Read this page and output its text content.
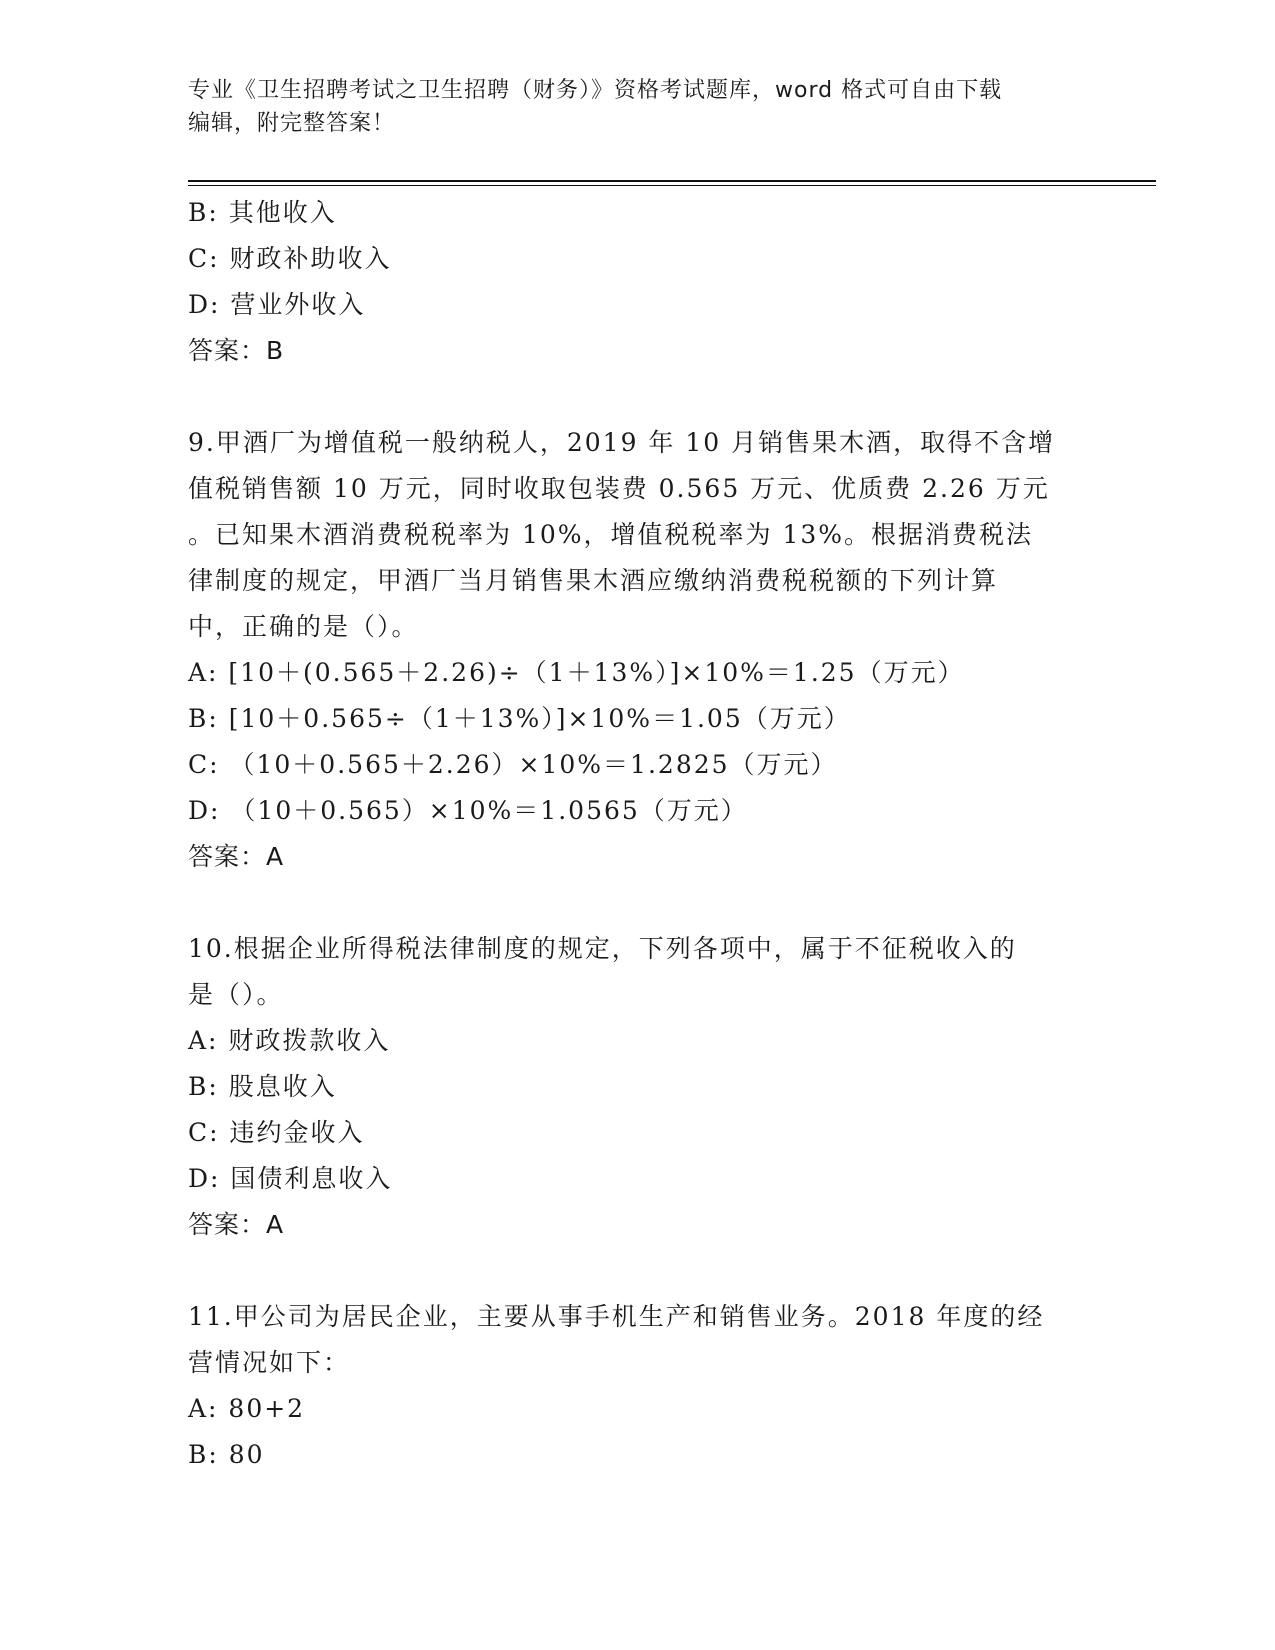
专业《卫生招聘考试之卫生招聘（财务）》资格考试题库，word 格式可自由下载
编辑，附完整答案！
B: 其他收入
C: 财政补助收入
D: 营业外收入
答案：B
9.甲酒厂为增值税一般纳税人，2019 年 10 月销售果木酒，取得不含增
值税销售额 10 万元，同时收取包装费 0.565 万元、优质费 2.26 万元
。已知果木酒消费税税率为 10%，增值税税率为 13%。根据消费税法
律制度的规定，甲酒厂当月销售果木酒应缴纳消费税税额的下列计算
中，正确的是（）。
A: [10＋(0.565＋2.26)÷（1＋13%）]×10%＝1.25（万元）
B: [10＋0.565÷（1＋13%）]×10%＝1.05（万元）
C: （10＋0.565＋2.26）×10%＝1.2825（万元）
D: （10＋0.565）×10%＝1.0565（万元）
答案：A
10.根据企业所得税法律制度的规定，下列各项中，属于不征税收入的
是（）。
A: 财政拨款收入
B: 股息收入
C: 违约金收入
D: 国债利息收入
答案：A
11.甲公司为居民企业，主要从事手机生产和销售业务。2018 年度的经
营情况如下：
A: 80+2
B: 80
